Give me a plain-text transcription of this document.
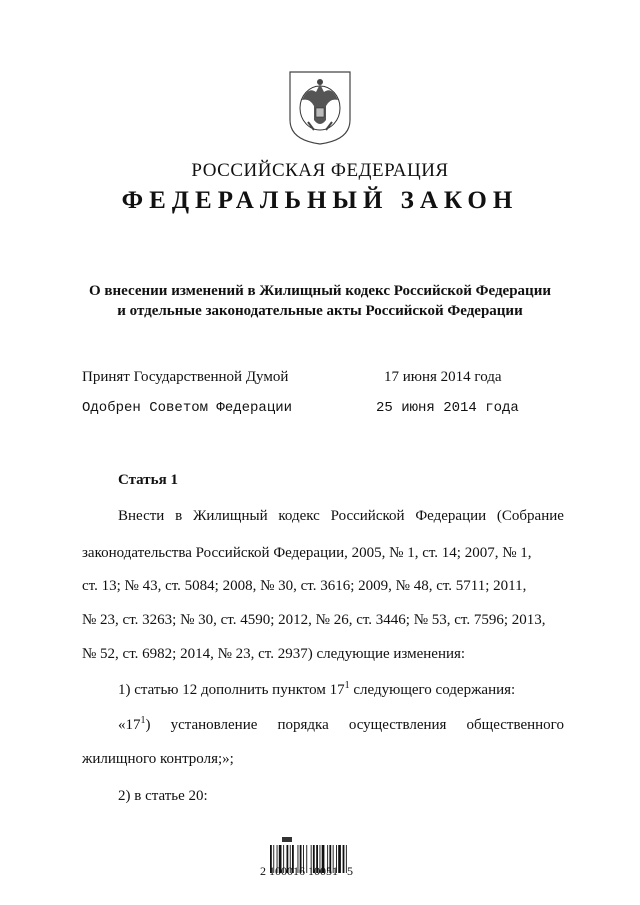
РОССИЙСКАЯ ФЕДЕРАЦИЯ
ФЕДЕРАЛЬНЫЙ ЗАКОН
О внесении изменений в Жилищный кодекс Российской Федерации
и отдельные законодательные акты Российской Федерации
Принят Государственной Думой	17 июня 2014 года
Одобрен Советом Федерации	25 июня 2014 года
Статья 1
Внести в Жилищный кодекс Российской Федерации (Собрание
законодательства Российской Федерации, 2005, № 1, ст. 14; 2007, № 1,
ст. 13; № 43, ст. 5084; 2008, № 30, ст. 3616; 2009, № 48, ст. 5711; 2011,
№ 23, ст. 3263; № 30, ст. 4590; 2012, № 26, ст. 3446; № 53, ст. 7596; 2013,
№ 52, ст. 6982; 2014, № 23, ст. 2937) следующие изменения:
1) статью 12 дополнить пунктом $17^1$ следующего содержания:
«$17^1$) установление порядка осуществления общественного
жилищного контроля;»;
2) в статье 20:
2 100016 10051   5
